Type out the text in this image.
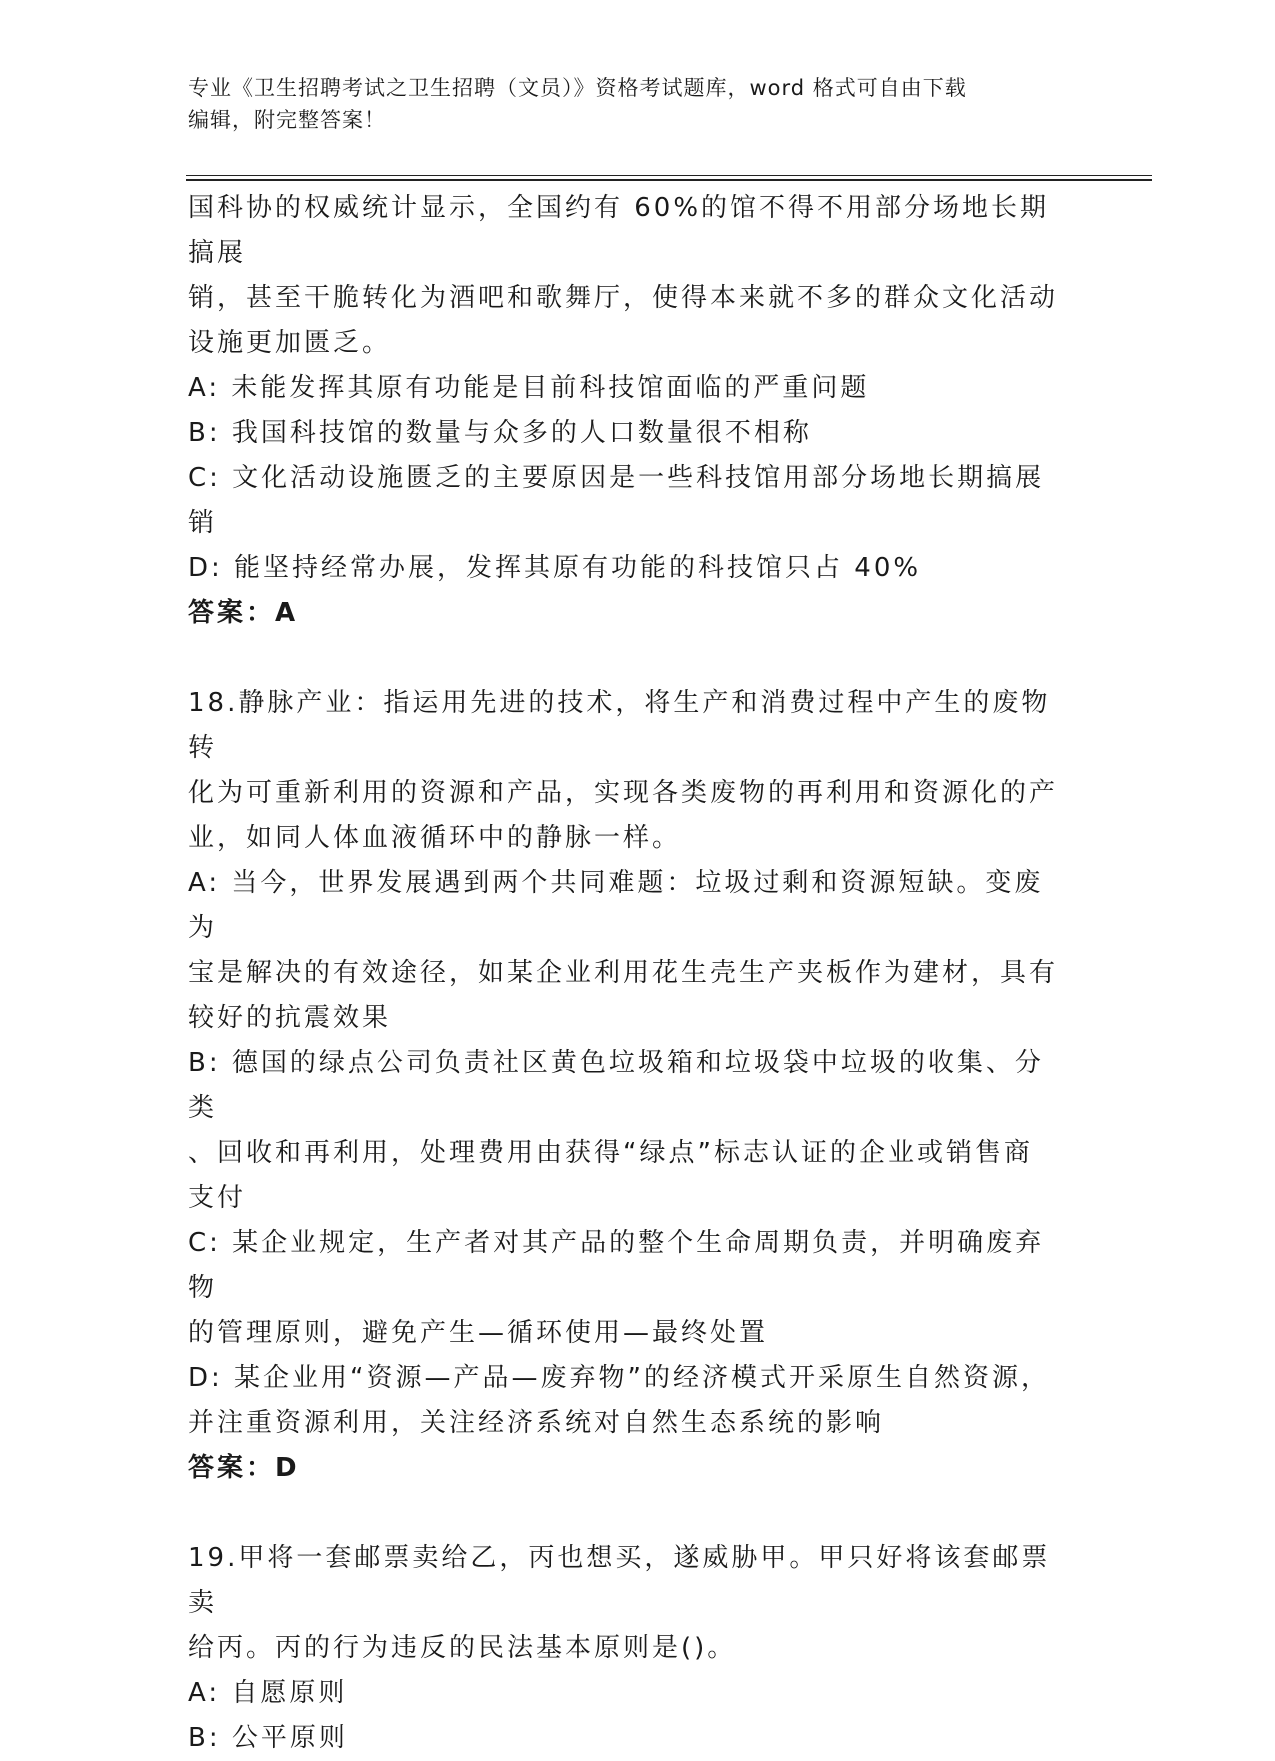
专业《卫生招聘考试之卫生招聘（文员）》资格考试题库，word 格式可自由下载
编辑，附完整答案！

国科协的权威统计显示，全国约有 60%的馆不得不用部分场地长期搞展
销，甚至干脆转化为酒吧和歌舞厅，使得本来就不多的群众文化活动
设施更加匮乏。

A: 未能发挥其原有功能是目前科技馆面临的严重问题

B: 我国科技馆的数量与众多的人口数量很不相称

C: 文化活动设施匮乏的主要原因是一些科技馆用部分场地长期搞展销

D: 能坚持经常办展，发挥其原有功能的科技馆只占 40%

答案：A

18.静脉产业：指运用先进的技术，将生产和消费过程中产生的废物转
化为可重新利用的资源和产品，实现各类废物的再利用和资源化的产
业，如同人体血液循环中的静脉一样。

A: 当今，世界发展遇到两个共同难题：垃圾过剩和资源短缺。变废为
宝是解决的有效途径，如某企业利用花生壳生产夹板作为建材，具有
较好的抗震效果

B: 德国的绿点公司负责社区黄色垃圾箱和垃圾袋中垃圾的收集、分类
、回收和再利用，处理费用由获得“绿点”标志认证的企业或销售商
支付

C: 某企业规定，生产者对其产品的整个生命周期负责，并明确废弃物
的管理原则，避免产生—循环使用—最终处置

D: 某企业用“资源—产品—废弃物”的经济模式开采原生自然资源，
并注重资源利用，关注经济系统对自然生态系统的影响

答案：D

19.甲将一套邮票卖给乙，丙也想买，遂威胁甲。甲只好将该套邮票卖
给丙。丙的行为违反的民法基本原则是()。

A: 自愿原则

B: 公平原则
